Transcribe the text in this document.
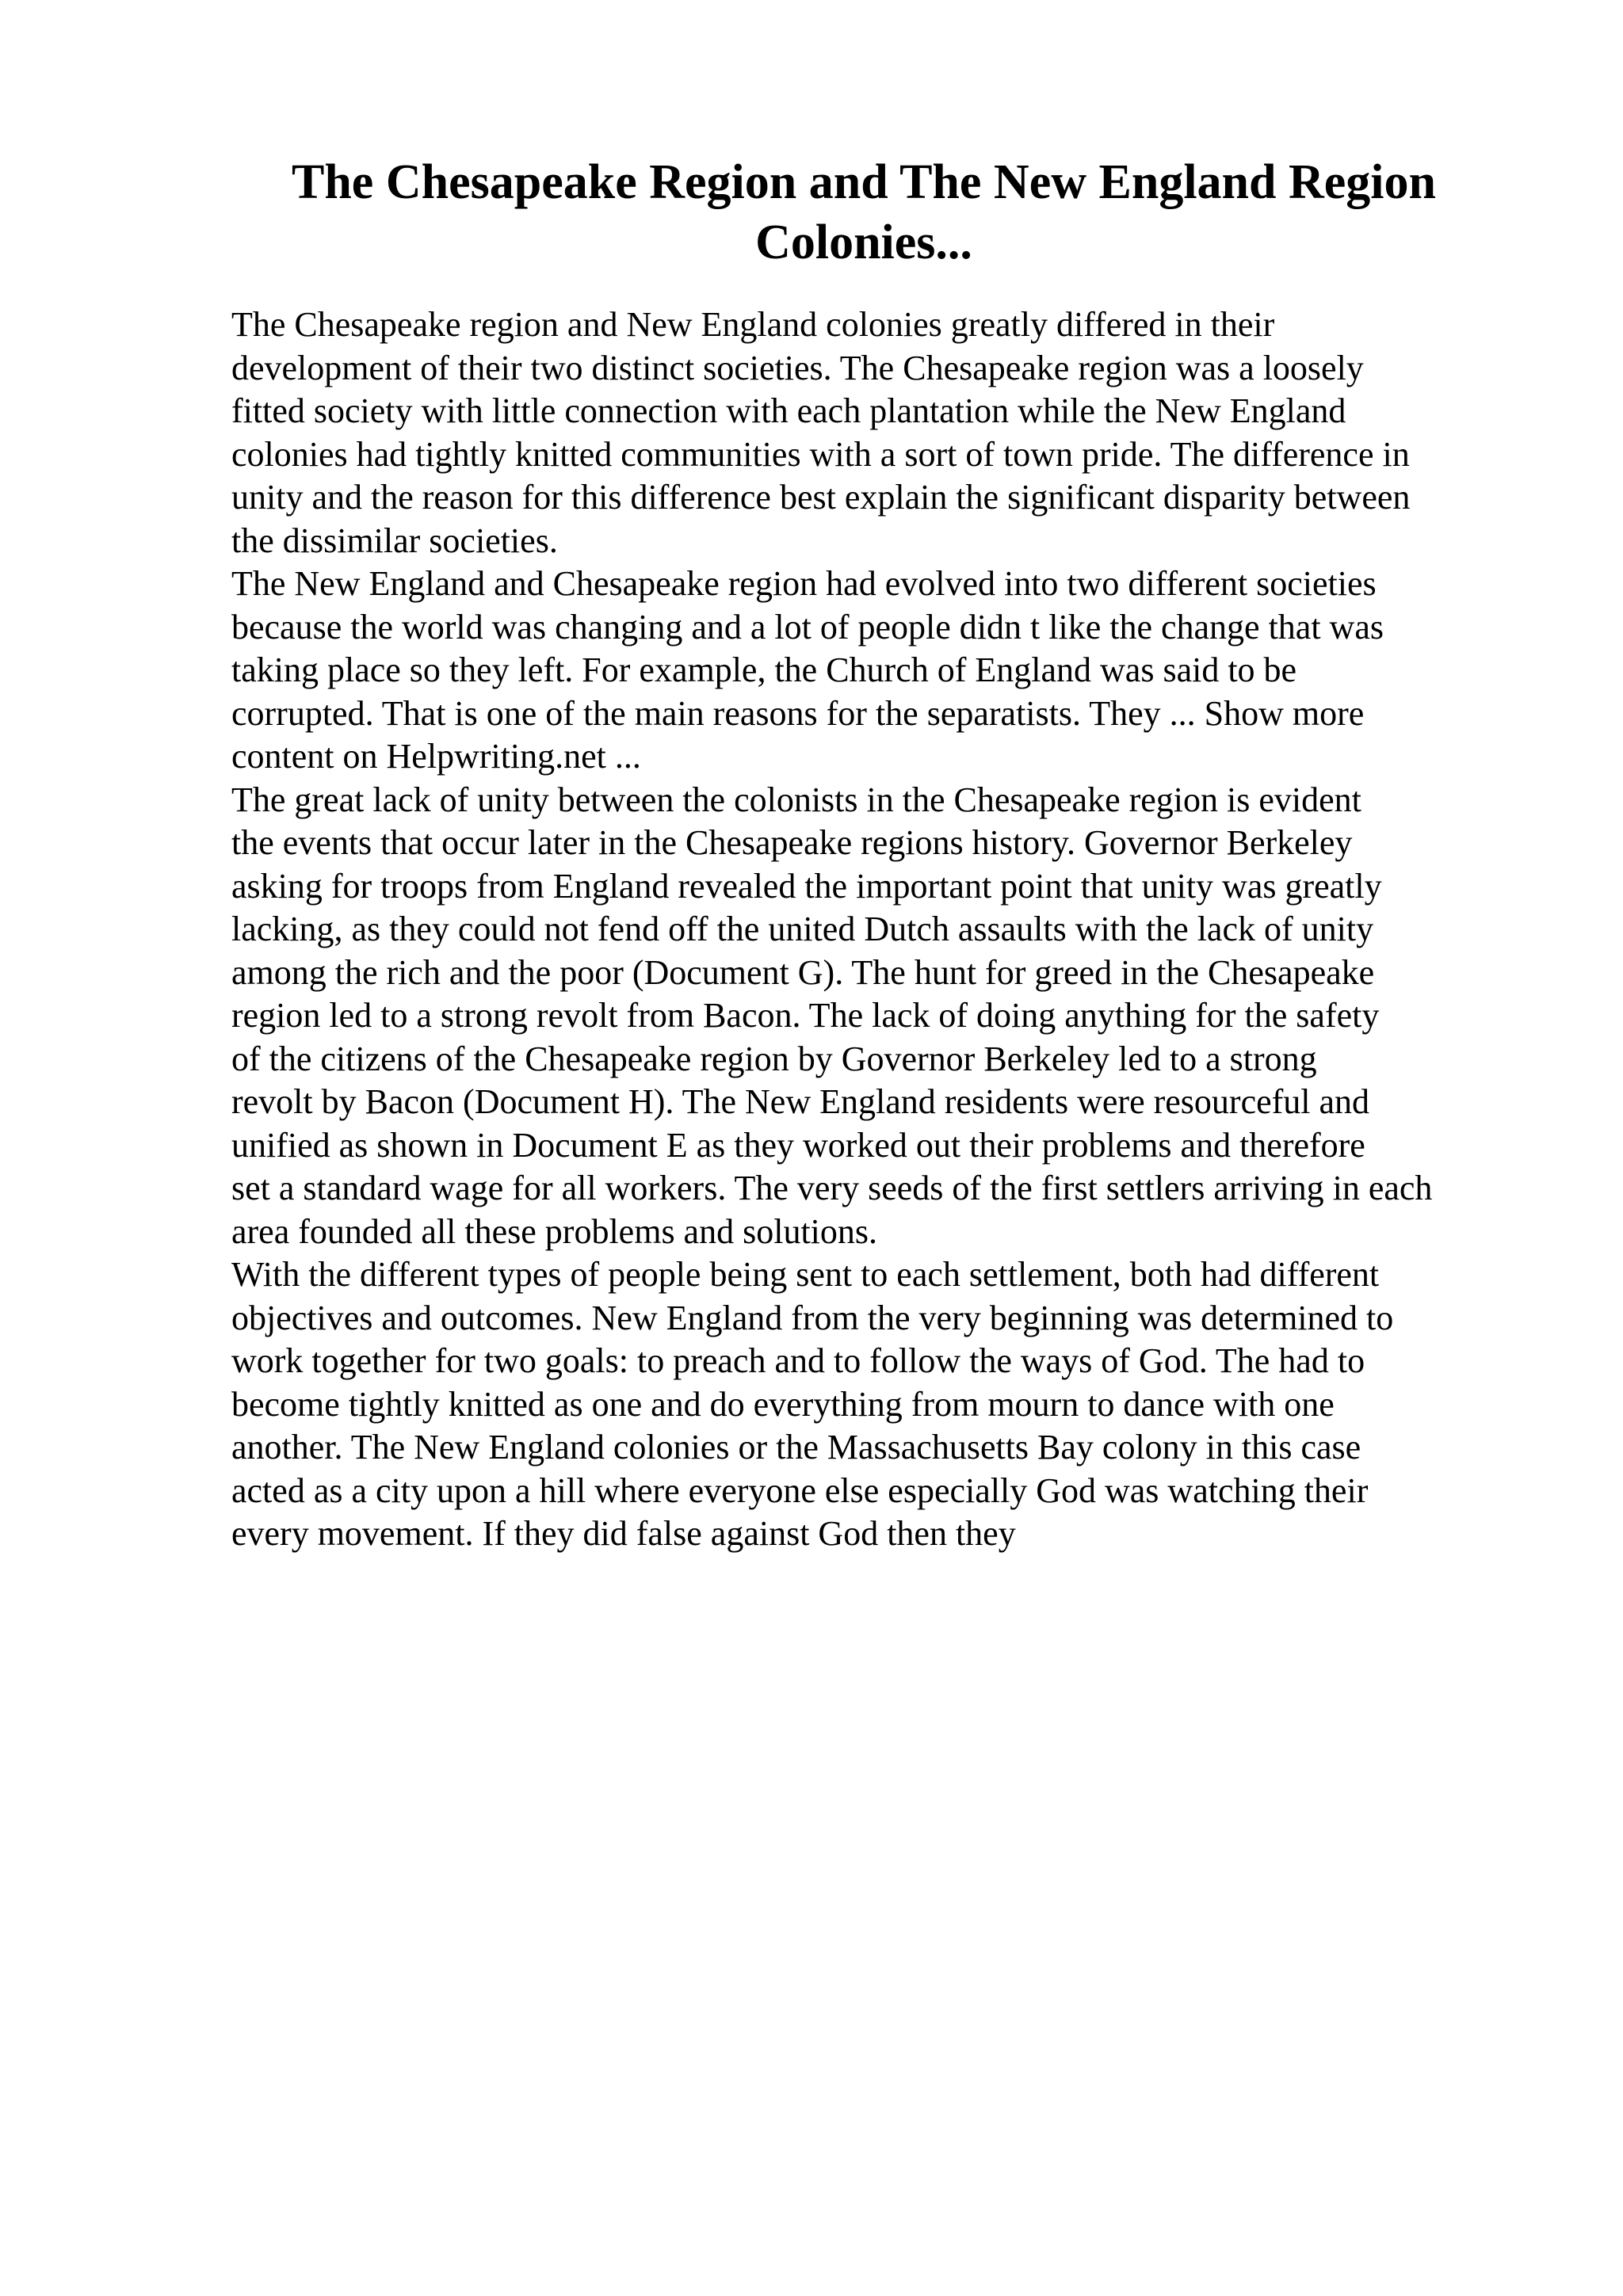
The Chesapeake Region and The New England Region Colonies...
The Chesapeake region and New England colonies greatly differed in their
development of their two distinct societies. The Chesapeake region was a loosely
fitted society with little connection with each plantation while the New England
colonies had tightly knitted communities with a sort of town pride. The difference in
unity and the reason for this difference best explain the significant disparity between
the dissimilar societies.
The New England and Chesapeake region had evolved into two different societies
because the world was changing and a lot of people didn t like the change that was
taking place so they left. For example, the Church of England was said to be
corrupted. That is one of the main reasons for the separatists. They ... Show more
content on Helpwriting.net ...
The great lack of unity between the colonists in the Chesapeake region is evident
the events that occur later in the Chesapeake regions history. Governor Berkeley
asking for troops from England revealed the important point that unity was greatly
lacking, as they could not fend off the united Dutch assaults with the lack of unity
among the rich and the poor (Document G). The hunt for greed in the Chesapeake
region led to a strong revolt from Bacon. The lack of doing anything for the safety
of the citizens of the Chesapeake region by Governor Berkeley led to a strong
revolt by Bacon (Document H). The New England residents were resourceful and
unified as shown in Document E as they worked out their problems and therefore
set a standard wage for all workers. The very seeds of the first settlers arriving in each
area founded all these problems and solutions.
With the different types of people being sent to each settlement, both had different
objectives and outcomes. New England from the very beginning was determined to
work together for two goals: to preach and to follow the ways of God. The had to
become tightly knitted as one and do everything from mourn to dance with one
another. The New England colonies or the Massachusetts Bay colony in this case
acted as a city upon a hill where everyone else especially God was watching their
every movement. If they did false against God then they
